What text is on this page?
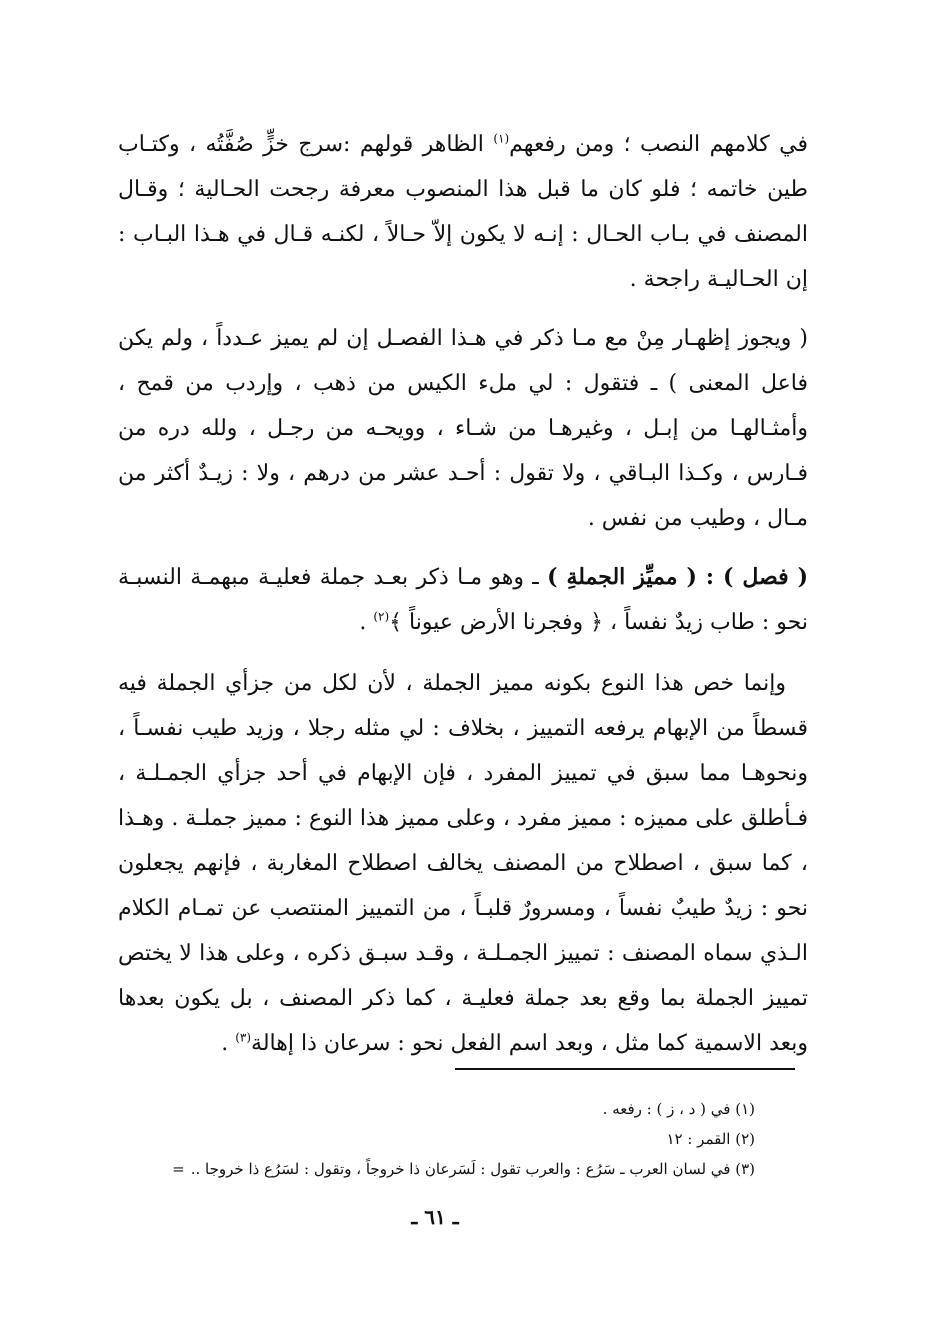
في كلامهم النصب ؛ ومن رفعهم$^{(١)}$ الظاهر قولهم :سرج خزٍّ صُفَّتُه ، وكتـاب طين خاتمه ؛ فلو كان ما قبل هذا المنصوب معرفة رجحت الحـالية ؛ وقـال المصنف في بـاب الحـال : إنـه لا يكون إلاّ حـالاً ، لكنـه قـال في هـذا البـاب : إن الحـاليـة راجحة .

( ويجوز إظهـار مِنْ مع مـا ذكر في هـذا الفصـل إن لم يميز عـدداً ، ولم يكن فاعل المعنى ) ـ فتقول : لي ملء الكيس من ذهب ، وإردب من قمح ، وأمثـالهـا من إبـل ، وغيرهـا من شـاء ، وويحـه من رجـل ، ولله دره من فـارس ، وكـذا البـاقي ، ولا تقول : أحـد عشر من درهم ، ولا : زيـدٌ أكثر من مـال ، وطيب من نفس .

( فصل ) : ( مميِّز الجملةِ ) ـ وهو مـا ذكر بعـد جملة فعليـة مبهمـة النسبـة نحو : طاب زيدٌ نفساً ، ﴿ وفجرنا الأرض عيوناً ﴾$^{(٢)}$ .

وإنما خص هذا النوع بكونه مميز الجملة ، لأن لكل من جزأي الجملة فيه قسطاً من الإبهام يرفعه التمييز ، بخلاف : لي مثله رجلا ، وزيد طيب نفسـاً ، ونحوهـا مما سبق في تمييز المفرد ، فإن الإبهام في أحد جزأي الجمـلـة ، فـأطلق على مميزه : مميز مفرد ، وعلى مميز هذا النوع : مميز جملـة . وهـذا ، كما سبق ، اصطلاح من المصنف يخالف اصطلاح المغاربة ، فإنهم يجعلون نحو : زيدٌ طيبٌ نفساً ، ومسرورٌ قلبـاً ، من التمييز المنتصب عن تمـام الكلام الـذي سماه المصنف : تمييز الجمـلـة ، وقـد سبـق ذكره ، وعلى هذا لا يختص تمييز الجملة بما وقع بعد جملة فعليـة ، كما ذكر المصنف ، بل يكون بعدها وبعد الاسمية كما مثل ، وبعد اسم الفعل نحو : سرعان ذا إهالة$^{(٣)}$ .

(١) في ( د ، ز ) : رفعه .
(٢) القمر : ١٢
(٣) في لسان العرب ـ سَرُع : والعرب تقول : لَسَرعان ذا خروجاً ، وتقول : لسَرُع ذا خروجا ..=
ـ ٦١ ـ
